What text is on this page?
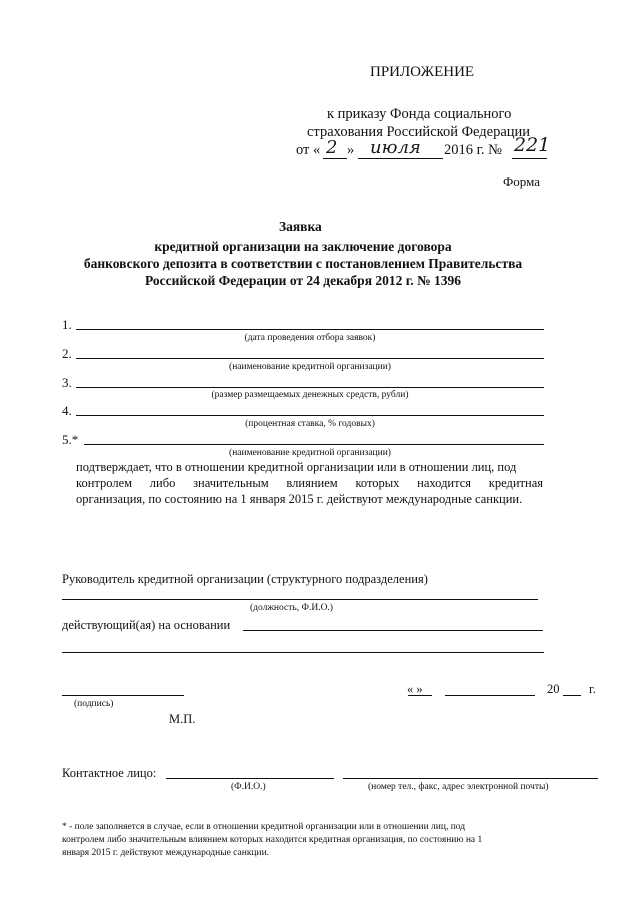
ПРИЛОЖЕНИЕ
к приказу Фонда социального
страхования Российской Федерации
от « 2 » июля 2016 г. № 221
Форма
Заявка
кредитной организации на заключение договора
банковского депозита в соответствии с постановлением Правительства
Российской Федерации от 24 декабря 2012 г. № 1396
1.
(дата проведения отбора заявок)
2.
(наименование кредитной организации)
3.
(размер размещаемых денежных средств, рубли)
4.
(процентная ставка, % годовых)
5.*
(наименование кредитной организации)
подтверждает, что в отношении кредитной организации или в отношении лиц, под
контролем либо значительным влиянием которых находится кредитная
организация, по состоянию на 1 января 2015 г. действуют международные санкции.
Руководитель кредитной организации (структурного подразделения)
(должность, Ф.И.О.)
действующий(ая) на основании
(подпись)
М.П.
« »	20 г.
Контактное лицо:
(Ф.И.О.)	(номер тел., факс, адрес электронной почты)
* - поле заполняется в случае, если в отношении кредитной организации или в отношении лиц, под
контролем либо значительным влиянием которых находится кредитная организация, по состоянию на 1
января 2015 г. действуют международные санкции.
